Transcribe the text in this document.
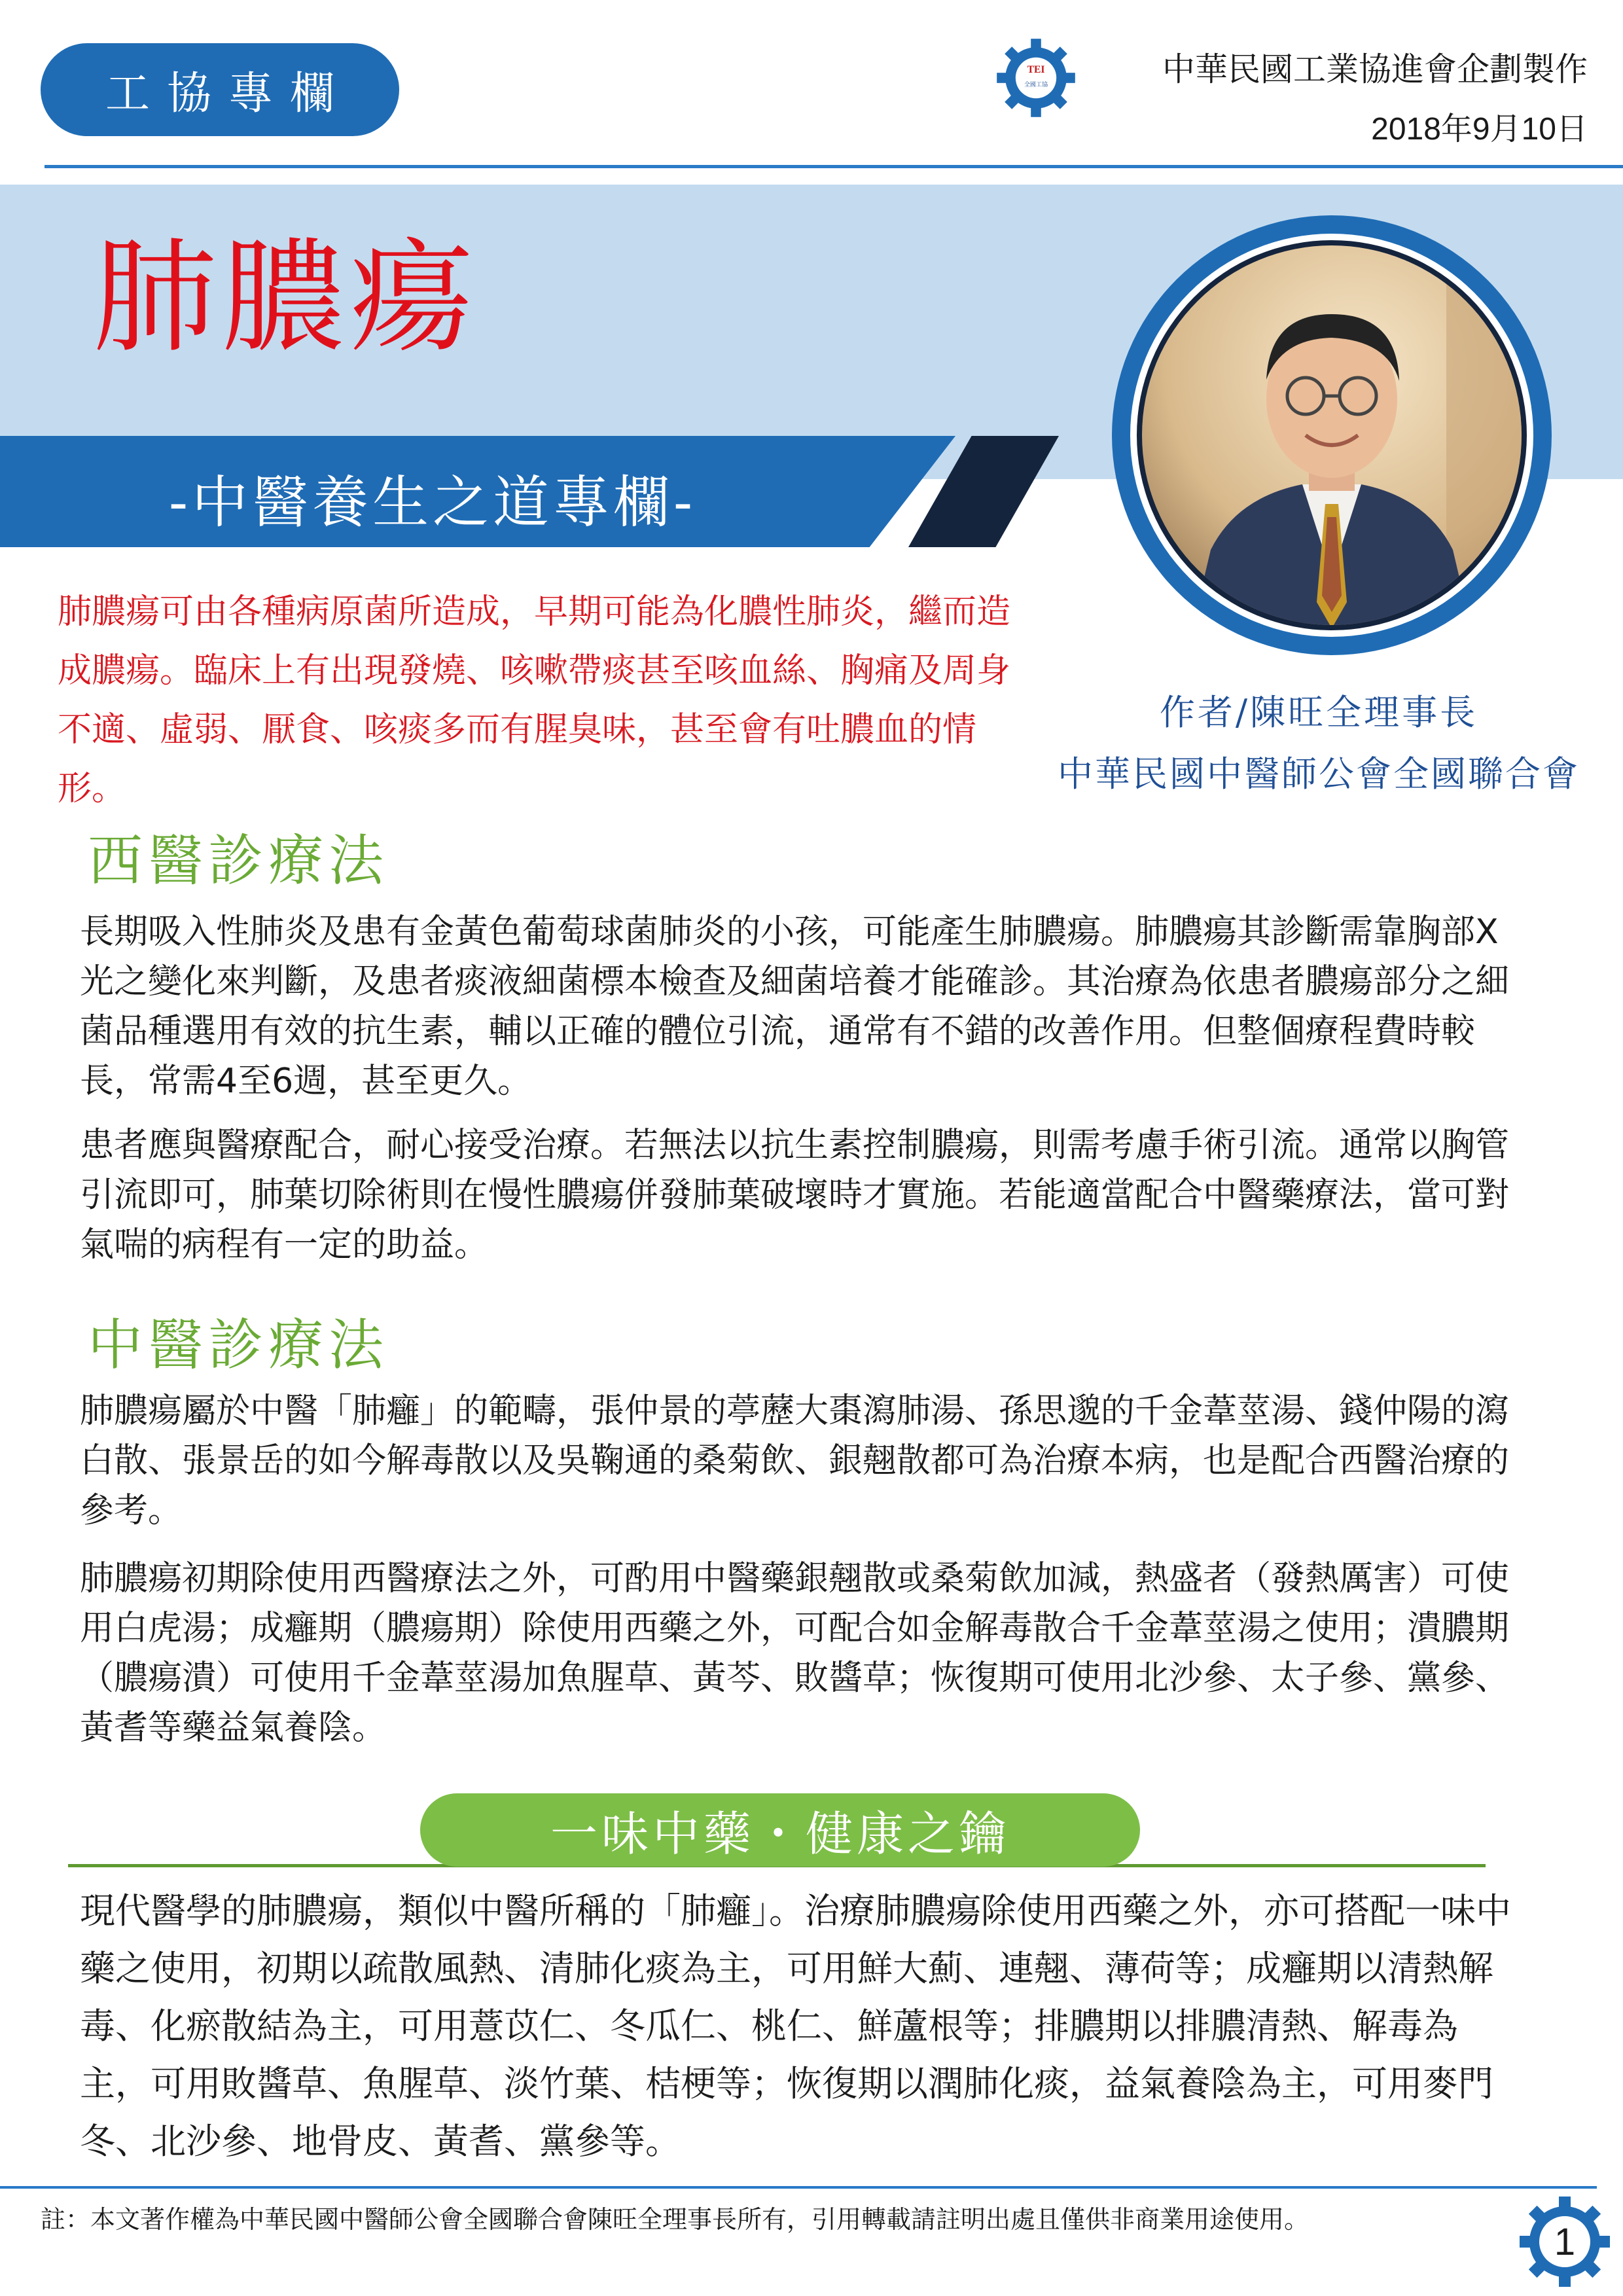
工協專欄	TEI
全國工協	中華民國工業協進會企劃製作
2018年9月10日
肺膿瘍
-中醫養生之道專欄-
肺膿瘍可由各種病原菌所造成，早期可能為化膿性肺炎，繼而造成膿瘍。臨床上有出現發燒、咳嗽帶痰甚至咳血絲、胸痛及周身不適、虛弱、厭食、咳痰多而有腥臭味，甚至會有吐膿血的情形。
作者/陳旺全理事長
中華民國中醫師公會全國聯合會
西醫診療法
長期吸入性肺炎及患有金黃色葡萄球菌肺炎的小孩，可能產生肺膿瘍。肺膿瘍其診斷需靠胸部X光之變化來判斷，及患者痰液細菌標本檢查及細菌培養才能確診。其治療為依患者膿瘍部分之細菌品種選用有效的抗生素，輔以正確的體位引流，通常有不錯的改善作用。但整個療程費時較長，常需4至6週，甚至更久。
患者應與醫療配合，耐心接受治療。若無法以抗生素控制膿瘍，則需考慮手術引流。通常以胸管引流即可，肺葉切除術則在慢性膿瘍併發肺葉破壞時才實施。若能適當配合中醫藥療法，當可對氣喘的病程有一定的助益。
中醫診療法
肺膿瘍屬於中醫「肺癰」的範疇，張仲景的葶藶大棗瀉肺湯、孫思邈的千金葦莖湯、錢仲陽的瀉白散、張景岳的如今解毒散以及吳鞠通的桑菊飲、銀翹散都可為治療本病，也是配合西醫治療的參考。
肺膿瘍初期除使用西醫療法之外，可酌用中醫藥銀翹散或桑菊飲加減，熱盛者（發熱厲害）可使用白虎湯；成癰期（膿瘍期）除使用西藥之外，可配合如金解毒散合千金葦莖湯之使用；潰膿期（膿瘍潰）可使用千金葦莖湯加魚腥草、黃芩、敗醬草；恢復期可使用北沙參、太子參、黨參、黃耆等藥益氣養陰。
一味中藥・健康之鑰
現代醫學的肺膿瘍，類似中醫所稱的「肺癰」。治療肺膿瘍除使用西藥之外，亦可搭配一味中藥之使用，初期以疏散風熱、清肺化痰為主，可用鮮大薊、連翹、薄荷等；成癰期以清熱解毒、化瘀散結為主，可用薏苡仁、冬瓜仁、桃仁、鮮蘆根等；排膿期以排膿清熱、解毒為主，可用敗醬草、魚腥草、淡竹葉、桔梗等；恢復期以潤肺化痰，益氣養陰為主，可用麥門冬、北沙參、地骨皮、黃耆、黨參等。
註：本文著作權為中華民國中醫師公會全國聯合會陳旺全理事長所有，引用轉載請註明出處且僅供非商業用途使用。
1
